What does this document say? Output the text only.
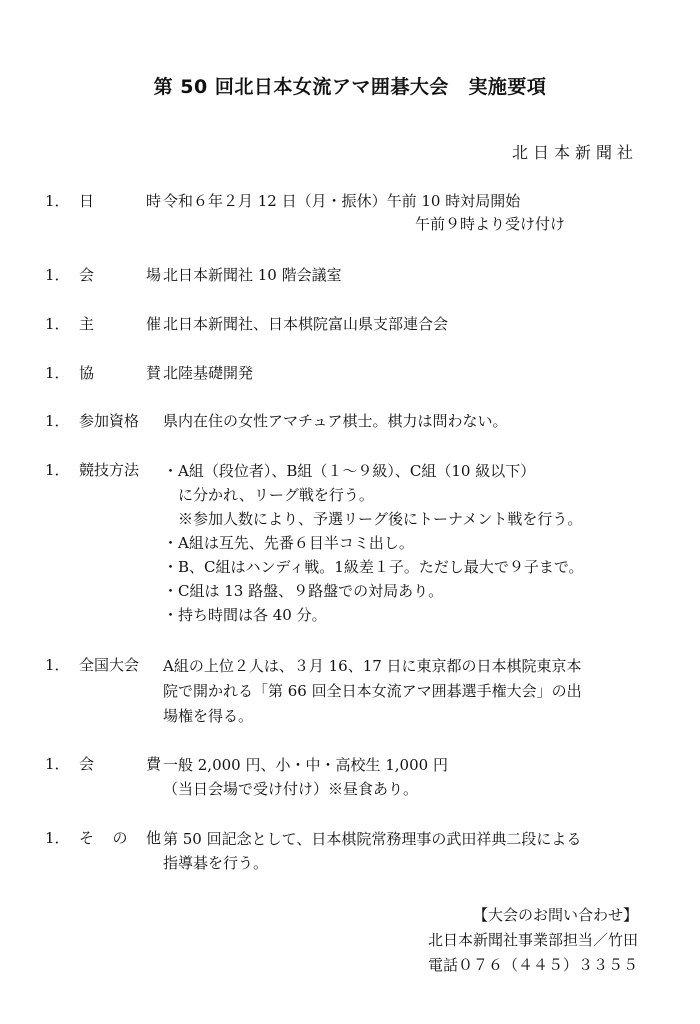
第 50 回北日本女流アマ囲碁大会　実施要項
北日本新聞社
1． 日	時 令和６年２月 12 日（月・振休）午前 10 時対局開始
午前９時より受け付け
1． 会	場 北日本新聞社 10 階会議室
1． 主	催 北日本新聞社、日本棋院富山県支部連合会
1． 協	賛 北陸基礎開発
1． 参加資格	県内在住の女性アマチュア棋士。棋力は問わない。
1． 競技方法	・A組（段位者）、B組（１～９級）、C組（10 級以下）
に分かれ、リーグ戦を行う。
※参加人数により、予選リーグ後にトーナメント戦を行う。
・A組は互先、先番６目半コミ出し。
・B、C組はハンディ戦。1級差１子。ただし最大で９子まで。
・C組は 13 路盤、９路盤での対局あり。
・持ち時間は各 40 分。
1． 全国大会	A組の上位２人は、３月 16、17 日に東京都の日本棋院東京本
院で開かれる「第 66 回全日本女流アマ囲碁選手権大会」の出
場権を得る。
1． 会	費 一般 2,000 円、小・中・高校生 1,000 円
（当日会場で受け付け）※昼食あり。
1． そ の 他 第 50 回記念として、日本棋院常務理事の武田祥典二段による
指導碁を行う。
【大会のお問い合わせ】
北日本新聞社事業部担当／竹田
電話０７６（４４５）３３５５
